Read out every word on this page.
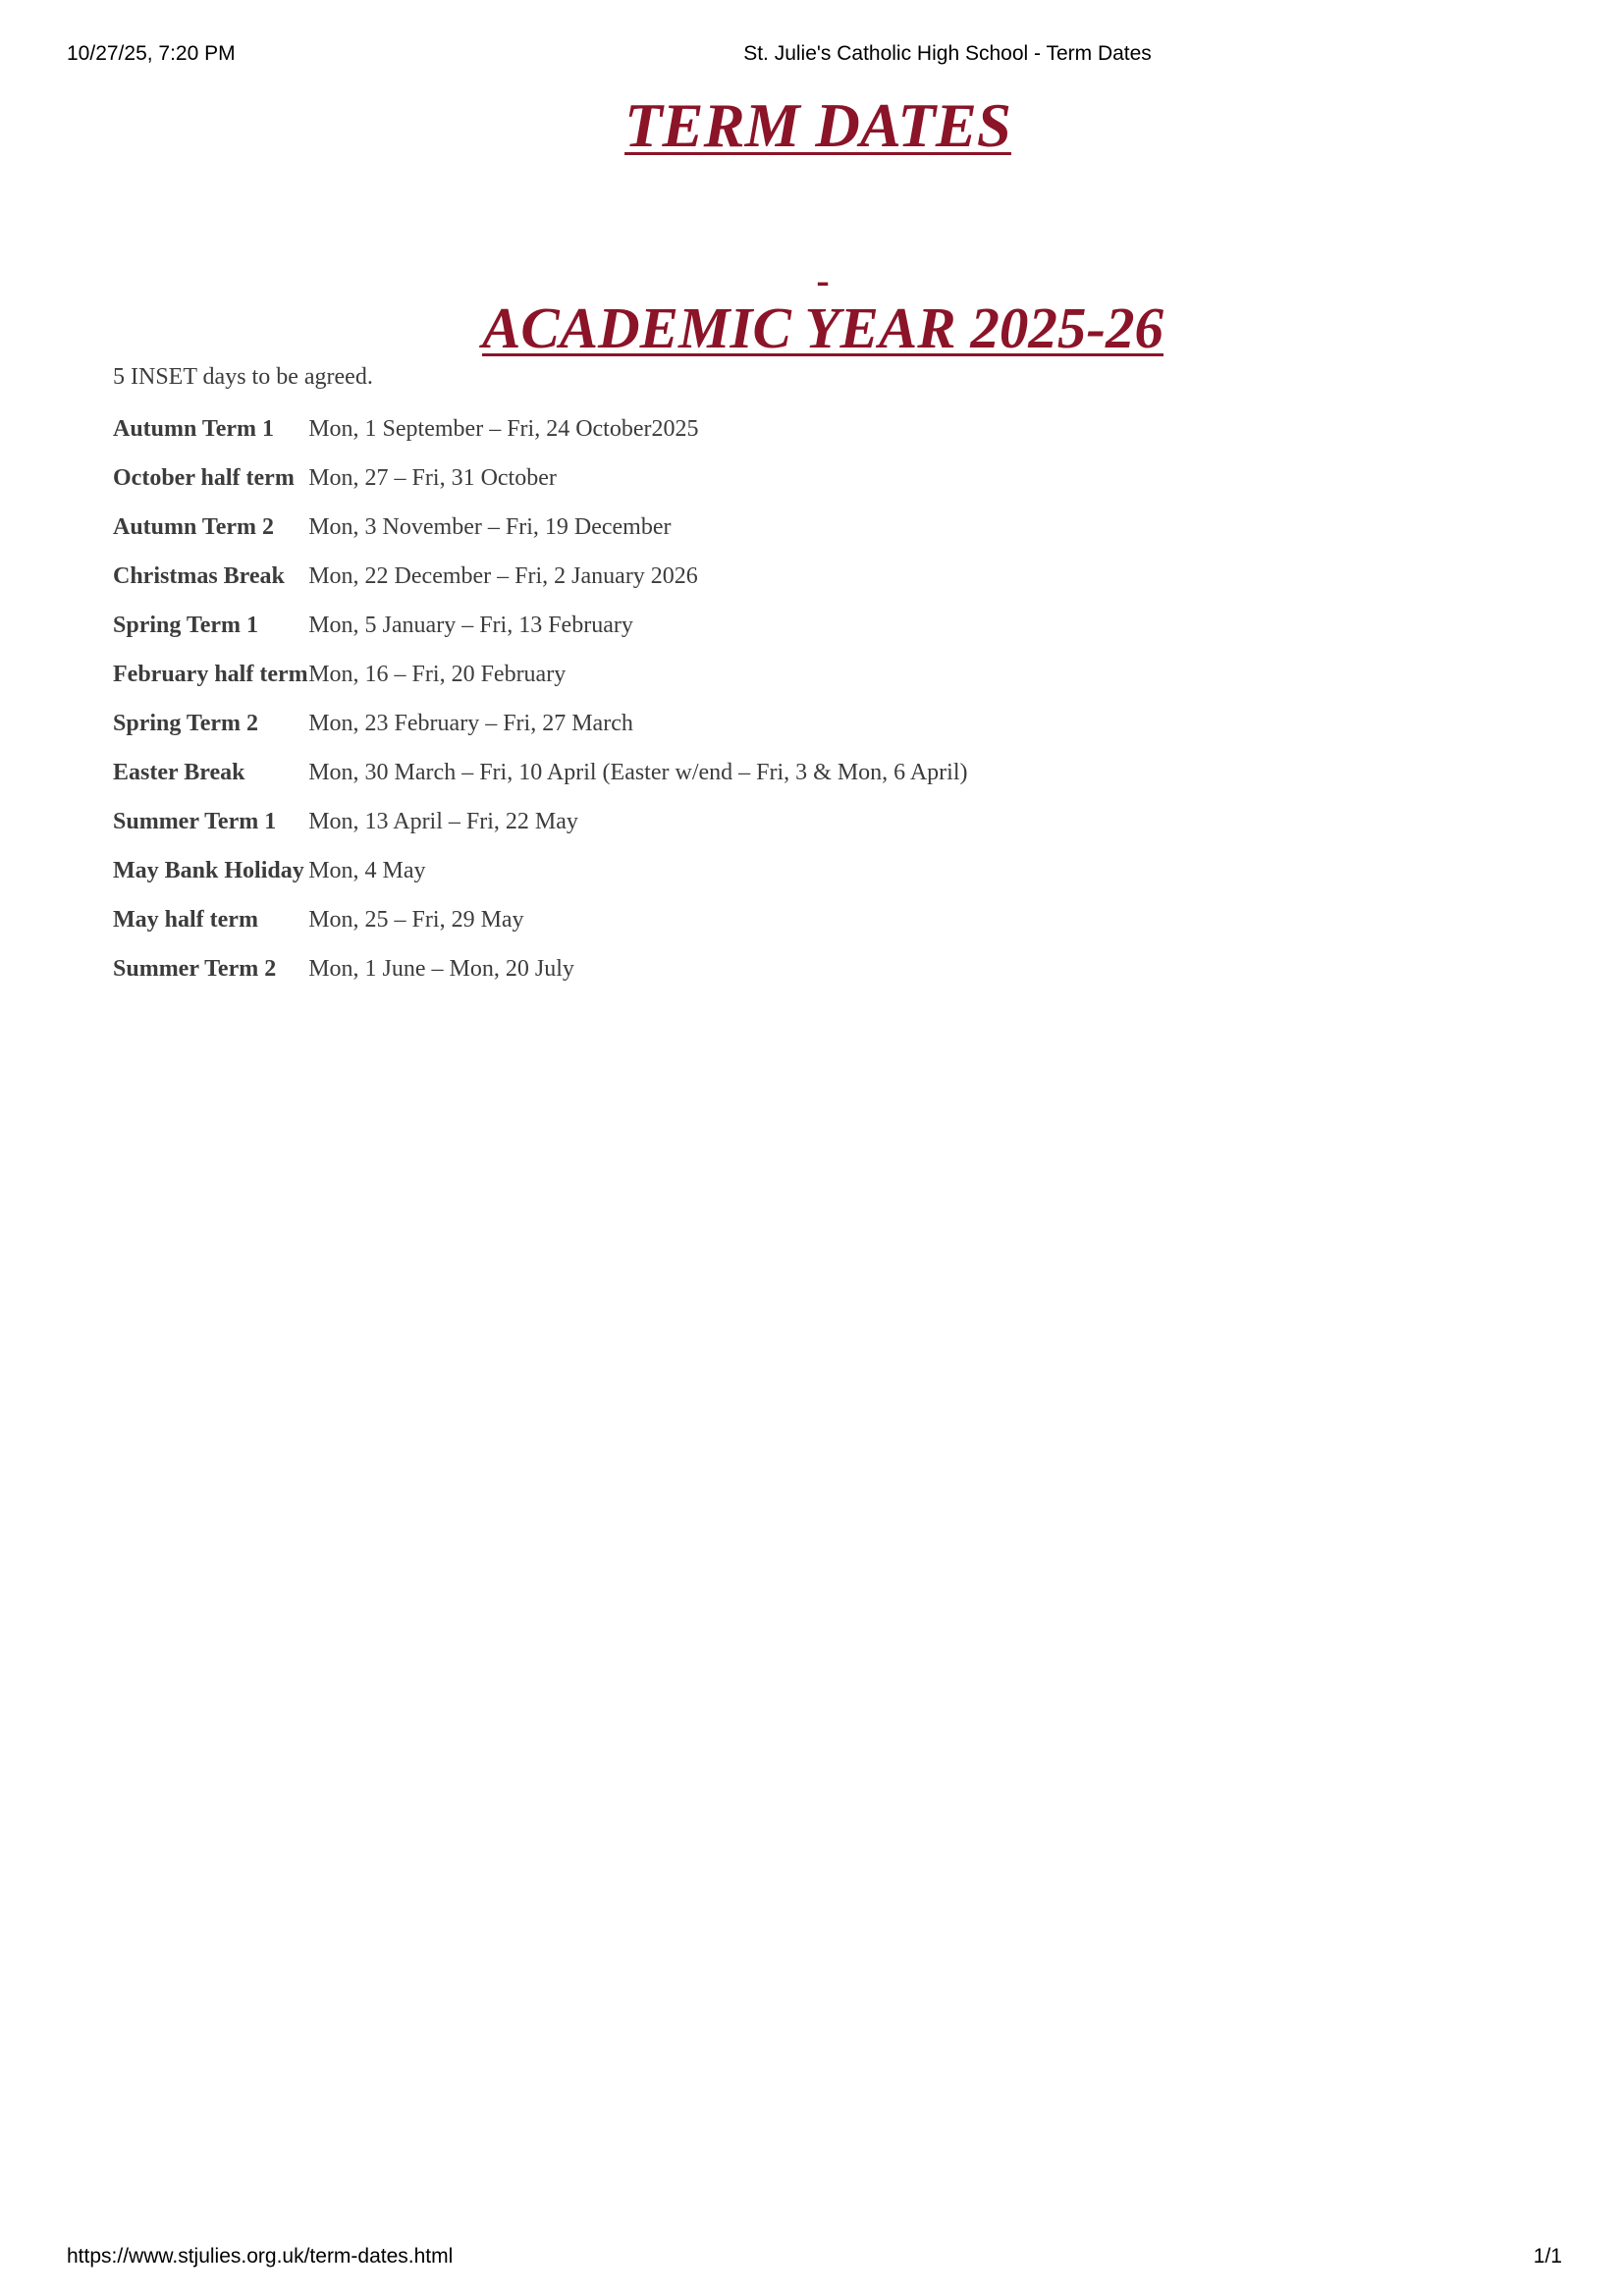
10/27/25, 7:20 PM	St. Julie's Catholic High School - Term Dates
TERM DATES
-
ACADEMIC YEAR 2025-26
5 INSET days to be agreed.
Autumn Term 1	Mon, 1 September – Fri, 24 October2025
October half term	Mon, 27 – Fri, 31 October
Autumn Term 2	Mon, 3 November – Fri, 19 December
Christmas Break	Mon, 22 December – Fri, 2 January 2026
Spring Term 1	Mon, 5 January – Fri, 13 February
February half term	Mon, 16 – Fri, 20 February
Spring Term 2	Mon, 23 February – Fri, 27 March
Easter Break	Mon, 30 March – Fri, 10 April (Easter w/end – Fri, 3 & Mon, 6 April)
Summer Term 1	Mon, 13 April – Fri, 22 May
May Bank Holiday	Mon, 4 May
May half term	Mon, 25 – Fri, 29 May
Summer Term 2	Mon, 1 June – Mon, 20 July
https://www.stjulies.org.uk/term-dates.html	1/1
